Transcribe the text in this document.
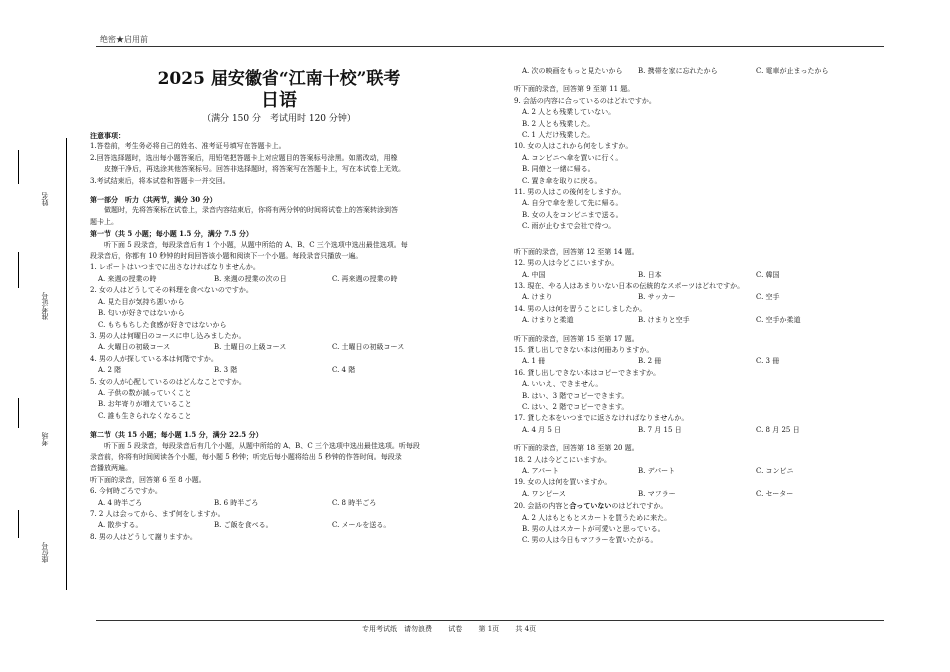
绝密★启用前
姓名
准考证号
考场
座位号
2025 届安徽省“江南十校”联考
日语
（满分 150 分　考试用时 120 分钟）
注意事项：
1.答卷前，考生务必将自己的姓名、准考证号填写在答题卡上。
2.回答选择题时，选出每小题答案后，用铅笔把答题卡上对应题目的答案标号涂黑。如需改动，用橡
皮擦干净后，再选涂其他答案标号。回答非选择题时，将答案写在答题卡上，写在本试卷上无效。
3.考试结束后，将本试卷和答题卡一并交回。
第一部分　听力（共两节，满分 30 分）
做题时，先将答案标在试卷上，录音内容结束后，你将有两分钟的时间将试卷上的答案转涂到答
题卡上。
第一节（共 5 小题；每小题 1.5 分，满分 7.5 分）
听下面 5 段录音，每段录音后有 1 个小题，从题中所给的 A、B、C 三个选项中选出最佳选项。每
段录音后，你都有 10 秒钟的时间回答该小题和阅读下一个小题。每段录音只播放一遍。
1. レポートはいつまでに出さなければなりませんか。
A. 来週の授業の時	B. 来週の授業の次の日	C. 再来週の授業の時
2. 女の人はどうしてその料理を食べないのですか。
A. 見た目が気持ち悪いから
B. 匂いが好きではないから
C. もちもちした食感が好きではないから
3. 男の人は何曜日のコースに申し込みましたか。
A. 火曜日の初級コース	B. 土曜日の上級コース	C. 土曜日の初級コース
4. 男の人が探している本は何階ですか。
A. 2 階	B. 3 階	C. 4 階
5. 女の人が心配しているのはどんなことですか。
A. 子供の数が減っていくこと
B. お年寄りが増えていること
C. 誰も生きられなくなること
第二节（共 15 小题；每小题 1.5 分，满分 22.5 分）
听下面 5 段录音，每段录音后有几个小题，从题中所给的 A、B、C 三个选项中选出最佳选项。听每段
录音前，你将有时间阅读各个小题，每小题 5 秒钟；听完后每小题将给出 5 秒钟的作答时间。每段录
音播放两遍。
听下面的录音，回答第 6 至 8 小题。
6. 今何時ごろですか。
A. 4 時半ごろ	B. 6 時半ごろ	C. 8 時半ごろ
7. 2 人は会ってから、まず何をしますか。
A. 散歩する。	B. ご飯を食べる。	C. メールを送る。
8. 男の人はどうして謝りますか。
A. 次の映画をもっと見たいから	B. 携帯を家に忘れたから	C. 電車が止まったから
听下面的录音，回答第 9 至第 11 题。
9. 会話の内容に合っているのはどれですか。
A. 2 人とも残業していない。
B. 2 人とも残業した。
C. 1 人だけ残業した。
10. 女の人はこれから何をしますか。
A. コンビニへ傘を買いに行く。
B. 同僚と一緒に帰る。
C. 置き傘を取りに戻る。
11. 男の人はこの後何をしますか。
A. 自分で傘を差して先に帰る。
B. 女の人をコンビニまで送る。
C. 雨が止むまで会社で待つ。
听下面的录音，回答第 12 至第 14 题。
12. 男の人は今どこにいますか。
A. 中国	B. 日本	C. 韓国
13. 現在、やる人はあまりいない日本の伝統的なスポーツはどれですか。
A. けまり	B. サッカー	C. 空手
14. 男の人は何を習うことにしましたか。
A. けまりと柔道	B. けまりと空手	C. 空手か柔道
听下面的录音，回答第 15 至第 17 题。
15. 貸し出しできない本は何冊ありますか。
A. 1 冊	B. 2 冊	C. 3 冊
16. 貸し出しできない本はコピーできますか。
A. いいえ、できません。
B. はい、3 階でコピーできます。
C. はい、2 階でコピーできます。
17. 貸した本をいつまでに返さなければなりませんか。
A. 4 月 5 日	B. 7 月 15 日	C. 8 月 25 日
听下面的录音，回答第 18 至第 20 题。
18. 2 人は今どこにいますか。
A. アパート	B. デパート	C. コンビニ
19. 女の人は何を買いますか。
A. ワンピース	B. マフラー	C. セーター
20. 会話の内容と合っていないのはどれですか。
A. 2 人はもともとスカートを買うために来た。
B. 男の人はスカートが可愛いと思っている。
C. 男の人は今日もマフラーを買いたがる。
专用考试纸　请勿浪费 试卷 第 1页 共 4页
